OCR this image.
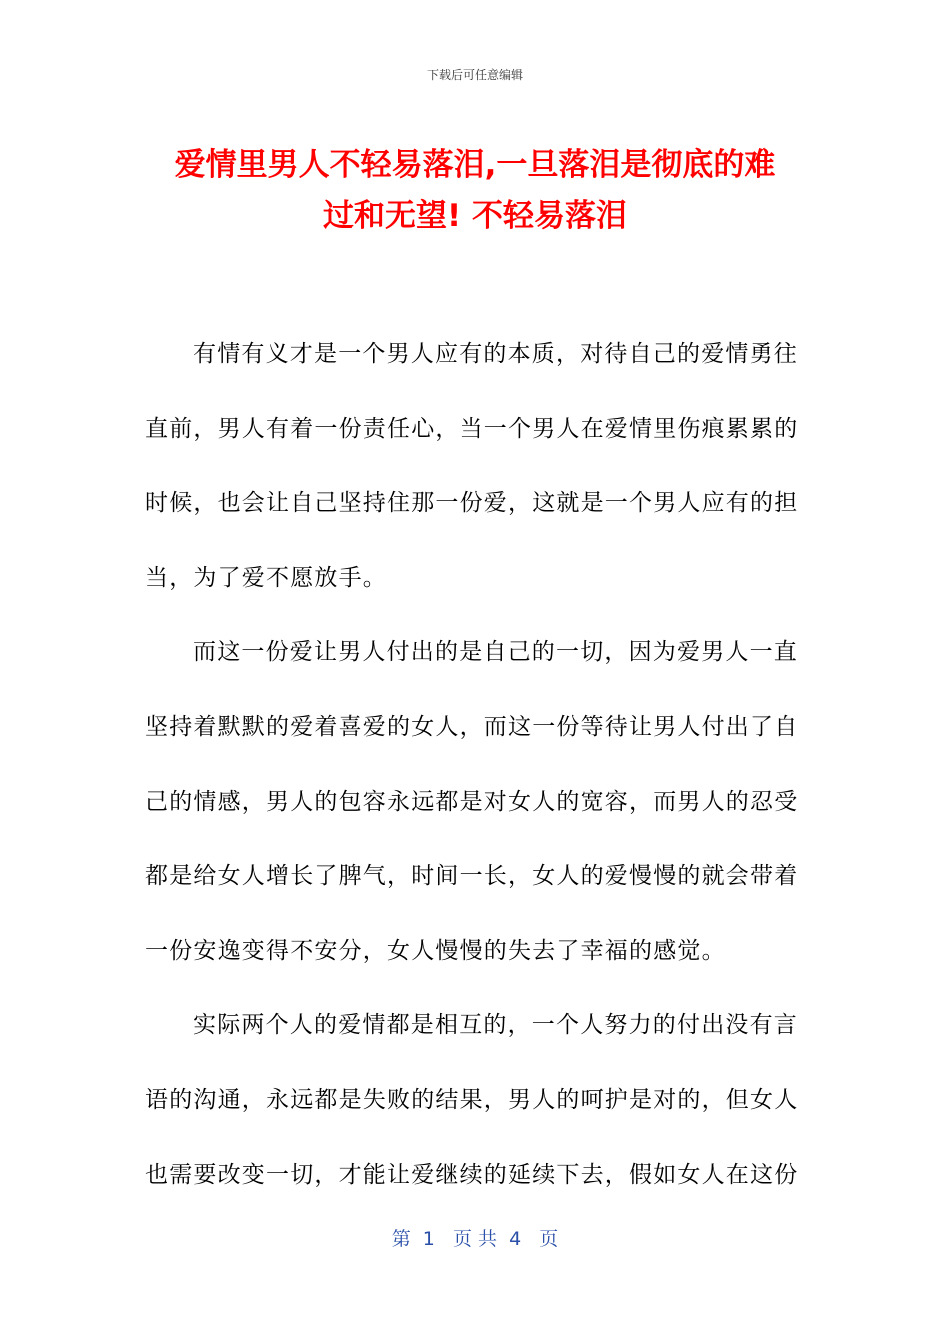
下载后可任意编辑
爱情里男人不轻易落泪,一旦落泪是彻底的难
过和无望! 不轻易落泪
有情有义才是一个男人应有的本质，对待自己的爱情勇往
直前，男人有着一份责任心，当一个男人在爱情里伤痕累累的
时候，也会让自己坚持住那一份爱，这就是一个男人应有的担
当，为了爱不愿放手。
而这一份爱让男人付出的是自己的一切，因为爱男人一直
坚持着默默的爱着喜爱的女人，而这一份等待让男人付出了自
己的情感，男人的包容永远都是对女人的宽容，而男人的忍受
都是给女人增长了脾气，时间一长，女人的爱慢慢的就会带着
一份安逸变得不安分，女人慢慢的失去了幸福的感觉。
实际两个人的爱情都是相互的，一个人努力的付出没有言
语的沟通，永远都是失败的结果，男人的呵护是对的，但女人
也需要改变一切，才能让爱继续的延续下去，假如女人在这份
第  1   页 共  4   页
